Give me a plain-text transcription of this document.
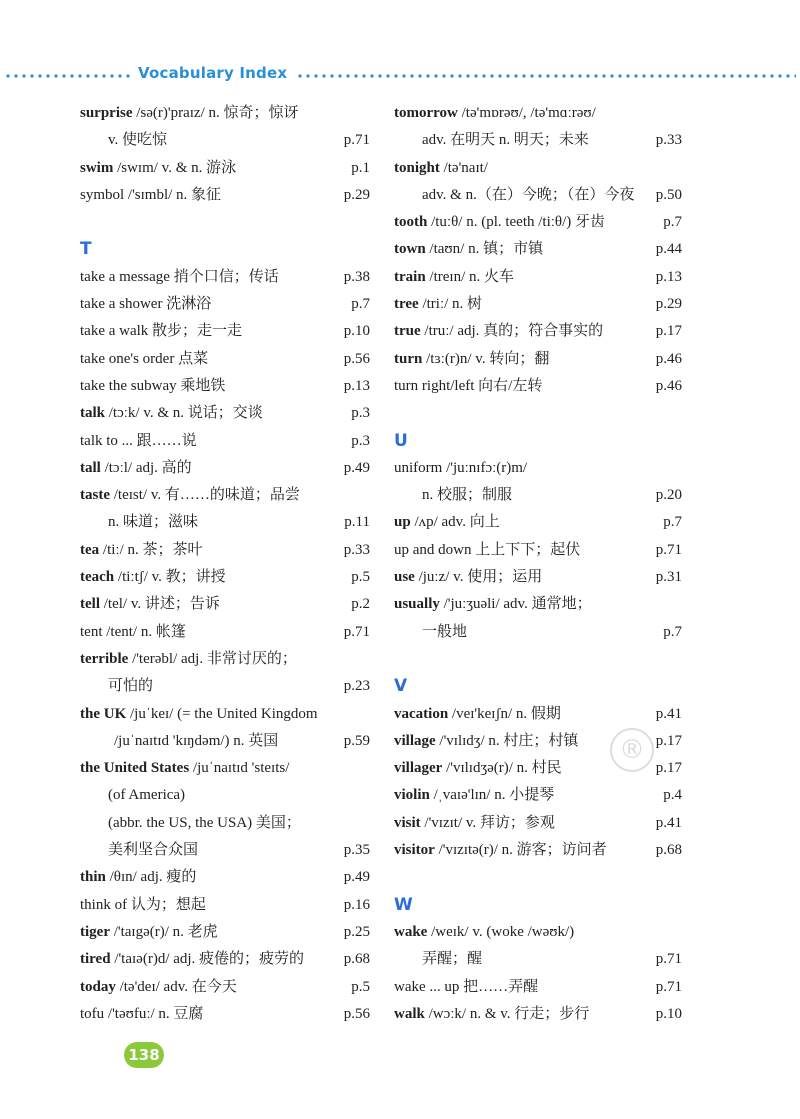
Vocabulary Index
surprise /sə(r)'praɪz/ n. 惊奇；惊讶
v. 使吃惊	p.71
swim /swɪm/ v. & n. 游泳	p.1
symbol /'sɪmbl/ n. 象征	p.29
T
take a message 捎个口信；传话	p.38
take a shower 洗淋浴	p.7
take a walk 散步；走一走	p.10
take one's order 点菜	p.56
take the subway 乘地铁	p.13
talk /tɔːk/ v. & n. 说话；交谈	p.3
talk to ... 跟……说	p.3
tall /tɔːl/ adj. 高的	p.49
taste /teɪst/ v. 有……的味道；品尝
n. 味道；滋味	p.11
tea /tiː/ n. 茶；茶叶	p.33
teach /tiːtʃ/ v. 教；讲授	p.5
tell /tel/ v. 讲述；告诉	p.2
tent /tent/ n. 帐篷	p.71
terrible /'terəbl/ adj. 非常讨厌的；
可怕的	p.23
the UK /juˈkeɪ/ (= the United Kingdom
/juˈnaɪtɪd 'kɪŋdəm/) n. 英国	p.59
the United States /juˈnaɪtɪd 'steɪts/
(of America)
(abbr. the US, the USA) 美国；
美利坚合众国	p.35
thin /θɪn/ adj. 瘦的	p.49
think of 认为；想起	p.16
tiger /'taɪgə(r)/ n. 老虎	p.25
tired /'taɪə(r)d/ adj. 疲倦的；疲劳的	p.68
today /tə'deɪ/ adv. 在今天	p.5
tofu /'təʊfuː/ n. 豆腐	p.56
tomorrow /tə'mɒrəʊ/, /tə'mɑːrəʊ/
adv. 在明天 n. 明天；未来	p.33
tonight /tə'naɪt/
adv. & n.（在）今晚；（在）今夜 p.50
tooth /tuːθ/ n. (pl. teeth /tiːθ/) 牙齿	p.7
town /taʊn/ n. 镇；市镇	p.44
train /treɪn/ n. 火车	p.13
tree /triː/ n. 树	p.29
true /truː/ adj. 真的；符合事实的	p.17
turn /tɜː(r)n/ v. 转向；翻	p.46
turn right/left 向右/左转	p.46
U
uniform /'juːnɪfɔː(r)m/
n. 校服；制服	p.20
up /ʌp/ adv. 向上	p.7
up and down 上上下下；起伏	p.71
use /juːz/ v. 使用；运用	p.31
usually /'juːʒuəli/ adv. 通常地；
一般地	p.7
V
vacation /veɪ'keɪʃn/ n. 假期	p.41
village /'vɪlɪdʒ/ n. 村庄；村镇	p.17
villager /'vɪlɪdʒə(r)/ n. 村民	p.17
violin /ˌvaɪə'lɪn/ n. 小提琴	p.4
visit /'vɪzɪt/ v. 拜访；参观	p.41
visitor /'vɪzɪtə(r)/ n. 游客；访问者	p.68
W
wake /weɪk/ v. (woke /wəʊk/)
弄醒；醒	p.71
wake ... up 把……弄醒	p.71
walk /wɔːk/ n. & v. 行走；步行	p.10
®
138
